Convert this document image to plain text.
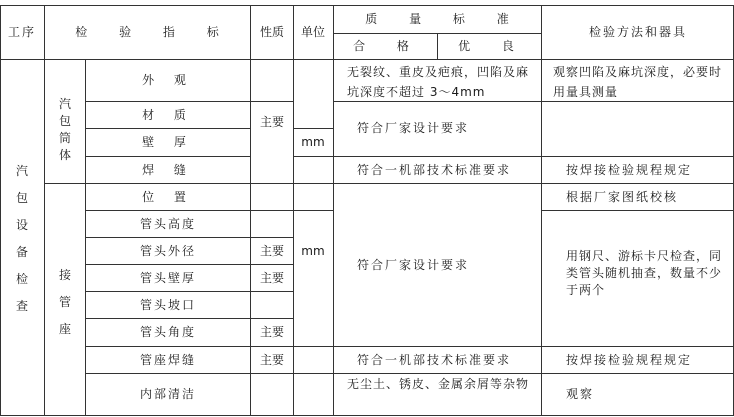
工序	检 验 指 标 性质 单位
质 量 标 准
合 格	优 良
检验方法和器具
汽
包
设
备
检
查
汽
包
筒
体
接
管
座
外 观
材 质
壁 厚
焊 缝
位 置
管头高度
管头外径
管头壁厚
管头坡口
管头角度
管座焊缝
内部清洁
主要
主要
主要
主要
主要
mm
mm
无裂纹、重皮及疤痕，凹陷及麻坑深度不超过 3～4mm
符合厂家设计要求
符合一机部技术标准要求
符合厂家设计要求
符合一机部技术标准要求
无尘土、锈皮、金属余屑等杂物
观察凹陷及麻坑深度，必要时用量具测量
按焊接检验规程规定
根据厂家图纸校核
用钢尺、游标卡尺检查，同类管头随机抽查，数量不少于两个
按焊接检验规程规定
观察
